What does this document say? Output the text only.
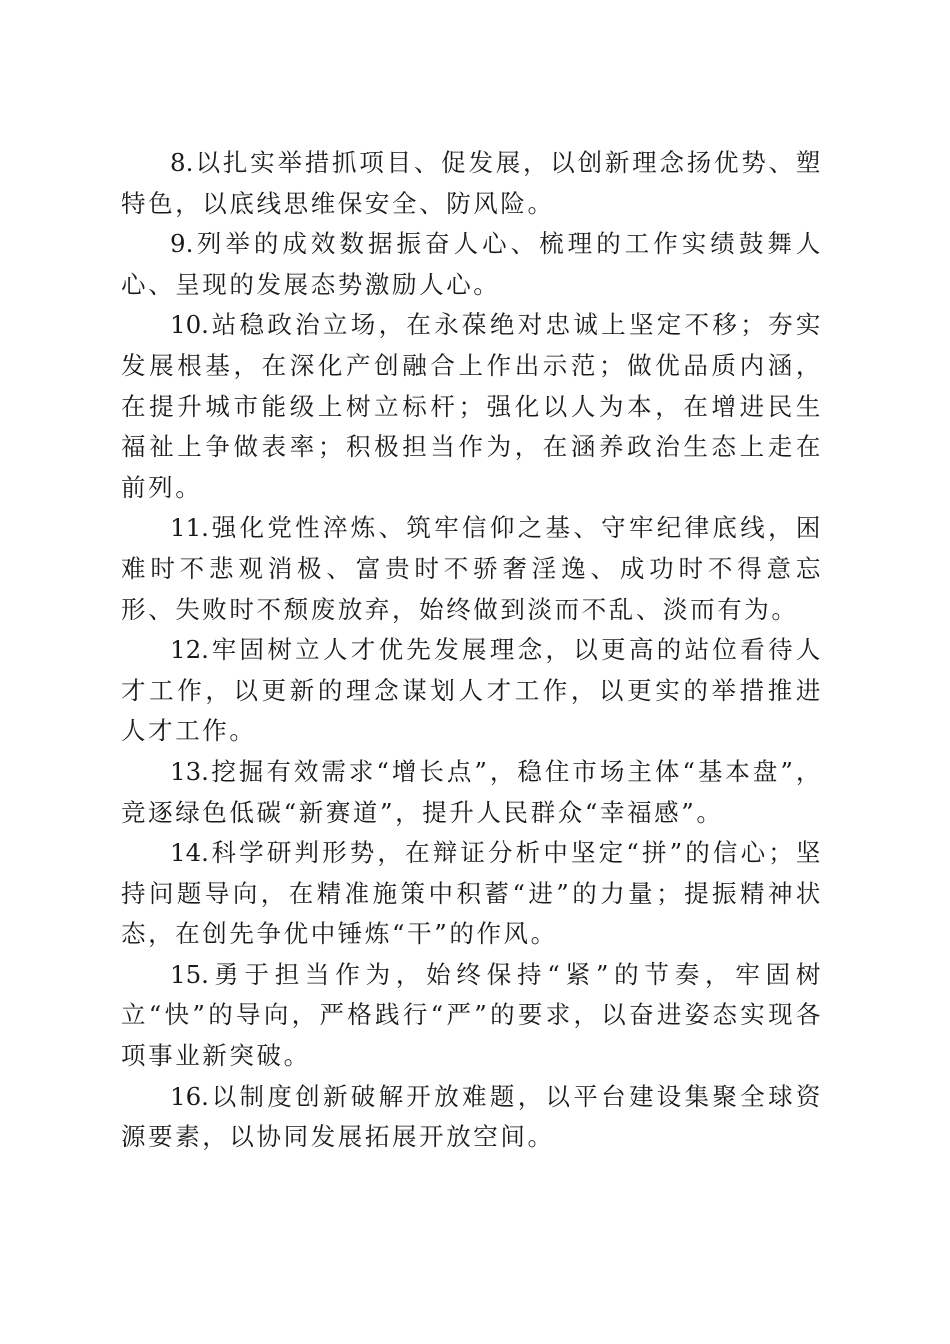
8.以扎实举措抓项目、促发展，以创新理念扬优势、塑特色，以底线思维保安全、防风险。

9.列举的成效数据振奋人心、梳理的工作实绩鼓舞人心、呈现的发展态势激励人心。

10.站稳政治立场，在永葆绝对忠诚上坚定不移；夯实发展根基，在深化产创融合上作出示范；做优品质内涵，在提升城市能级上树立标杆；强化以人为本，在增进民生福祉上争做表率；积极担当作为，在涵养政治生态上走在前列。

11.强化党性淬炼、筑牢信仰之基、守牢纪律底线，困难时不悲观消极、富贵时不骄奢淫逸、成功时不得意忘形、失败时不颓废放弃，始终做到淡而不乱、淡而有为。

12.牢固树立人才优先发展理念，以更高的站位看待人才工作，以更新的理念谋划人才工作，以更实的举措推进人才工作。

13.挖掘有效需求“增长点”，稳住市场主体“基本盘”，竞逐绿色低碳“新赛道”，提升人民群众“幸福感”。

14.科学研判形势，在辩证分析中坚定“拼”的信心；坚持问题导向，在精准施策中积蓄“进”的力量；提振精神状态，在创先争优中锤炼“干”的作风。

15.勇于担当作为，始终保持“紧”的节奏，牢固树立“快”的导向，严格践行“严”的要求，以奋进姿态实现各项事业新突破。

16.以制度创新破解开放难题，以平台建设集聚全球资源要素，以协同发展拓展开放空间。
